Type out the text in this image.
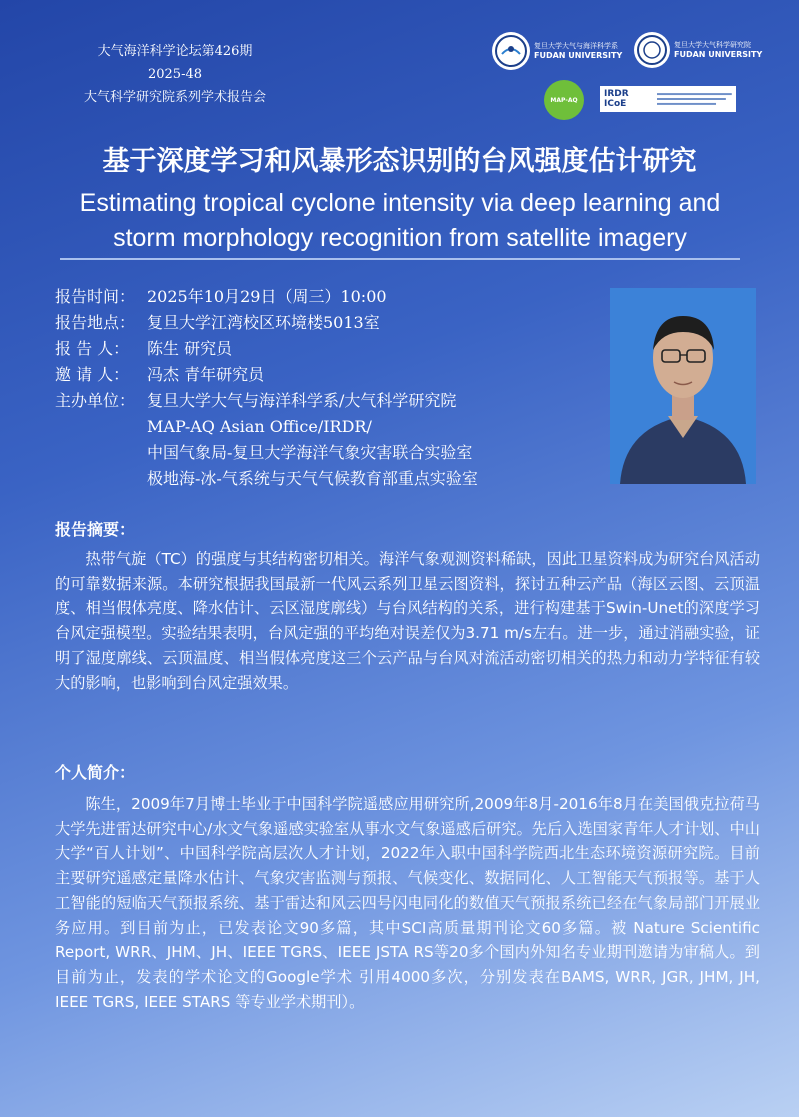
大气海洋科学论坛第426期
2025-48
大气科学研究院系列学术报告会
复旦大学大气与海洋科学系
FUDAN UNIVERSITY
复旦大学大气科学研究院
FUDAN UNIVERSITY
MAP-AQ
IRDR ICoE
基于深度学习和风暴形态识别的台风强度估计研究
Estimating tropical cyclone intensity via deep learning and
storm morphology recognition from satellite imagery
报告时间： 2025年10月29日（周三）10:00
报告地点： 复旦大学江湾校区环境楼5013室
报 告 人：	陈生 研究员
邀 请 人：	冯杰 青年研究员
主办单位： 复旦大学大气与海洋科学系/大气科学研究院
MAP-AQ Asian Office/IRDR/
中国气象局-复旦大学海洋气象灾害联合实验室
极地海-冰-气系统与天气气候教育部重点实验室
报告摘要：
热带气旋（TC）的强度与其结构密切相关。海洋气象观测资料稀缺，因此卫星资料成为研究台风活动的可靠数据来源。本研究根据我国最新一代风云系列卫星云图资料，探讨五种云产品（海区云图、云顶温度、相当假体亮度、降水估计、云区湿度廓线）与台风结构的关系，进行构建基于Swin-Unet的深度学习台风定强模型。实验结果表明，台风定强的平均绝对误差仅为3.71 m/s左右。进一步，通过消融实验，证明了湿度廓线、云顶温度、相当假体亮度这三个云产品与台风对流活动密切相关的热力和动力学特征有较大的影响，也影响到台风定强效果。
个人简介：
陈生，2009年7月博士毕业于中国科学院遥感应用研究所,2009年8月-2016年8月在美国俄克拉荷马大学先进雷达研究中心/水文气象遥感实验室从事水文气象遥感后研究。先后入选国家青年人才计划、中山大学“百人计划”、中国科学院高层次人才计划，2022年入职中国科学院西北生态环境资源研究院。目前主要研究遥感定量降水估计、气象灾害监测与预报、气候变化、数据同化、人工智能天气预报等。基于人工智能的短临天气预报系统、基于雷达和风云四号闪电同化的数值天气预报系统已经在气象局部门开展业务应用。到目前为止，已发表论文90多篇，其中SCI高质量期刊论文60多篇。被 Nature Scientific Report, WRR、JHM、JH、IEEE TGRS、IEEE JSTA RS等20多个国内外知名专业期刊邀请为审稿人。到目前为止，发表的学术论文的Google学术 引用4000多次，分别发表在BAMS, WRR, JGR, JHM, JH, IEEE TGRS, IEEE STARS 等专业学术期刊）。
